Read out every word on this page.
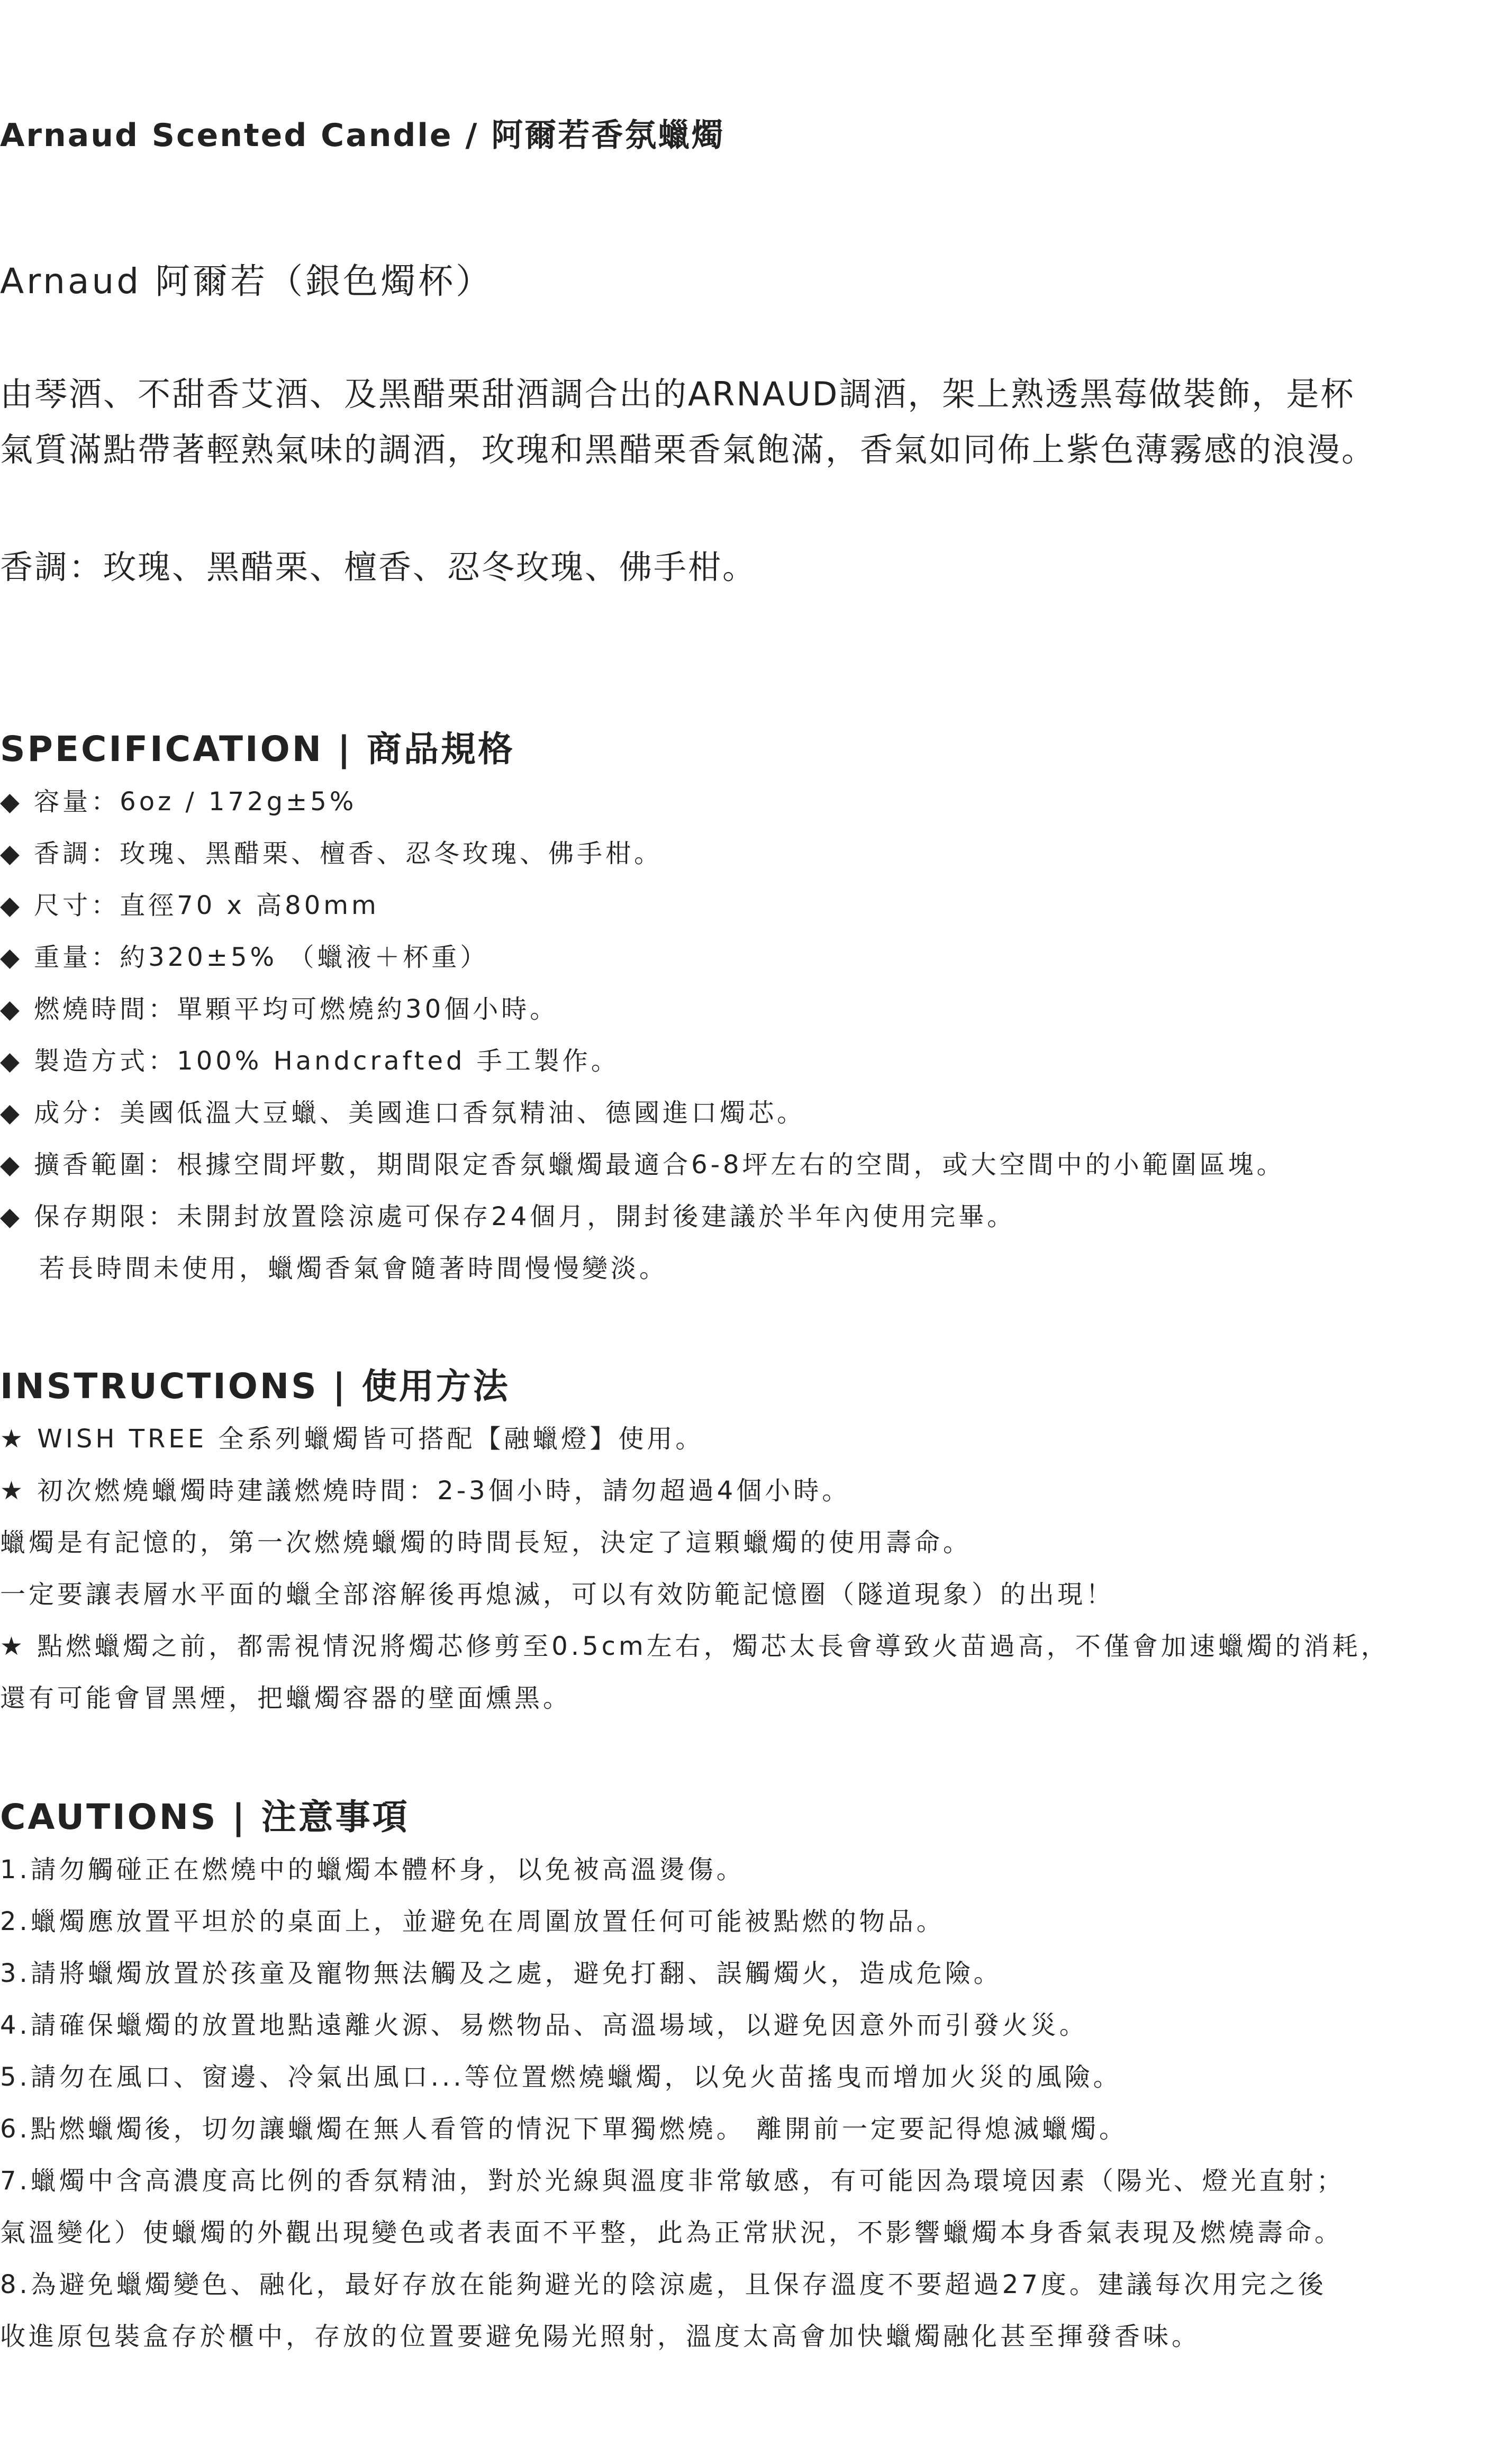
Arnaud Scented Candle / 阿爾若香氛蠟燭
Arnaud 阿爾若（銀色燭杯）
由琴酒、不甜香艾酒、及黑醋栗甜酒調合出的ARNAUD調酒，架上熟透黑莓做裝飾，是杯
氣質滿點帶著輕熟氣味的調酒，玫瑰和黑醋栗香氣飽滿，香氣如同佈上紫色薄霧感的浪漫。
香調：玫瑰、黑醋栗、檀香、忍冬玫瑰、佛手柑。
SPECIFICATION | 商品規格
◆ 容量：6oz / 172g±5%
◆ 香調：玫瑰、黑醋栗、檀香、忍冬玫瑰、佛手柑。
◆ 尺寸：直徑70 x 高80mm
◆ 重量：約320±5% （蠟液＋杯重）
◆ 燃燒時間：單顆平均可燃燒約30個小時。
◆ 製造方式：100% Handcrafted 手工製作。
◆ 成分：美國低溫大豆蠟、美國進口香氛精油、德國進口燭芯。
◆ 擴香範圍：根據空間坪數，期間限定香氛蠟燭最適合6-8坪左右的空間，或大空間中的小範圍區塊。
◆ 保存期限：未開封放置陰涼處可保存24個月，開封後建議於半年內使用完畢。
若長時間未使用，蠟燭香氣會隨著時間慢慢變淡。
INSTRUCTIONS | 使用方法
★ WISH TREE 全系列蠟燭皆可搭配【融蠟燈】使用。
★ 初次燃燒蠟燭時建議燃燒時間：2-3個小時，請勿超過4個小時。
蠟燭是有記憶的，第一次燃燒蠟燭的時間長短，決定了這顆蠟燭的使用壽命。
一定要讓表層水平面的蠟全部溶解後再熄滅，可以有效防範記憶圈（隧道現象）的出現！
★ 點燃蠟燭之前，都需視情況將燭芯修剪至0.5cm左右，燭芯太長會導致火苗過高，不僅會加速蠟燭的消耗，
還有可能會冒黑煙，把蠟燭容器的壁面燻黑。
CAUTIONS | 注意事項
1.請勿觸碰正在燃燒中的蠟燭本體杯身，以免被高溫燙傷。
2.蠟燭應放置平坦於的桌面上，並避免在周圍放置任何可能被點燃的物品。
3.請將蠟燭放置於孩童及寵物無法觸及之處，避免打翻、誤觸燭火，造成危險。
4.請確保蠟燭的放置地點遠離火源、易燃物品、高溫場域，以避免因意外而引發火災。
5.請勿在風口、窗邊、冷氣出風口...等位置燃燒蠟燭，以免火苗搖曳而增加火災的風險。
6.點燃蠟燭後，切勿讓蠟燭在無人看管的情況下單獨燃燒。 離開前一定要記得熄滅蠟燭。
7.蠟燭中含高濃度高比例的香氛精油，對於光線與溫度非常敏感，有可能因為環境因素（陽光、燈光直射；
氣溫變化）使蠟燭的外觀出現變色或者表面不平整，此為正常狀況，不影響蠟燭本身香氣表現及燃燒壽命。
8.為避免蠟燭變色、融化，最好存放在能夠避光的陰涼處，且保存溫度不要超過27度。建議每次用完之後
收進原包裝盒存於櫃中，存放的位置要避免陽光照射，溫度太高會加快蠟燭融化甚至揮發香味。
